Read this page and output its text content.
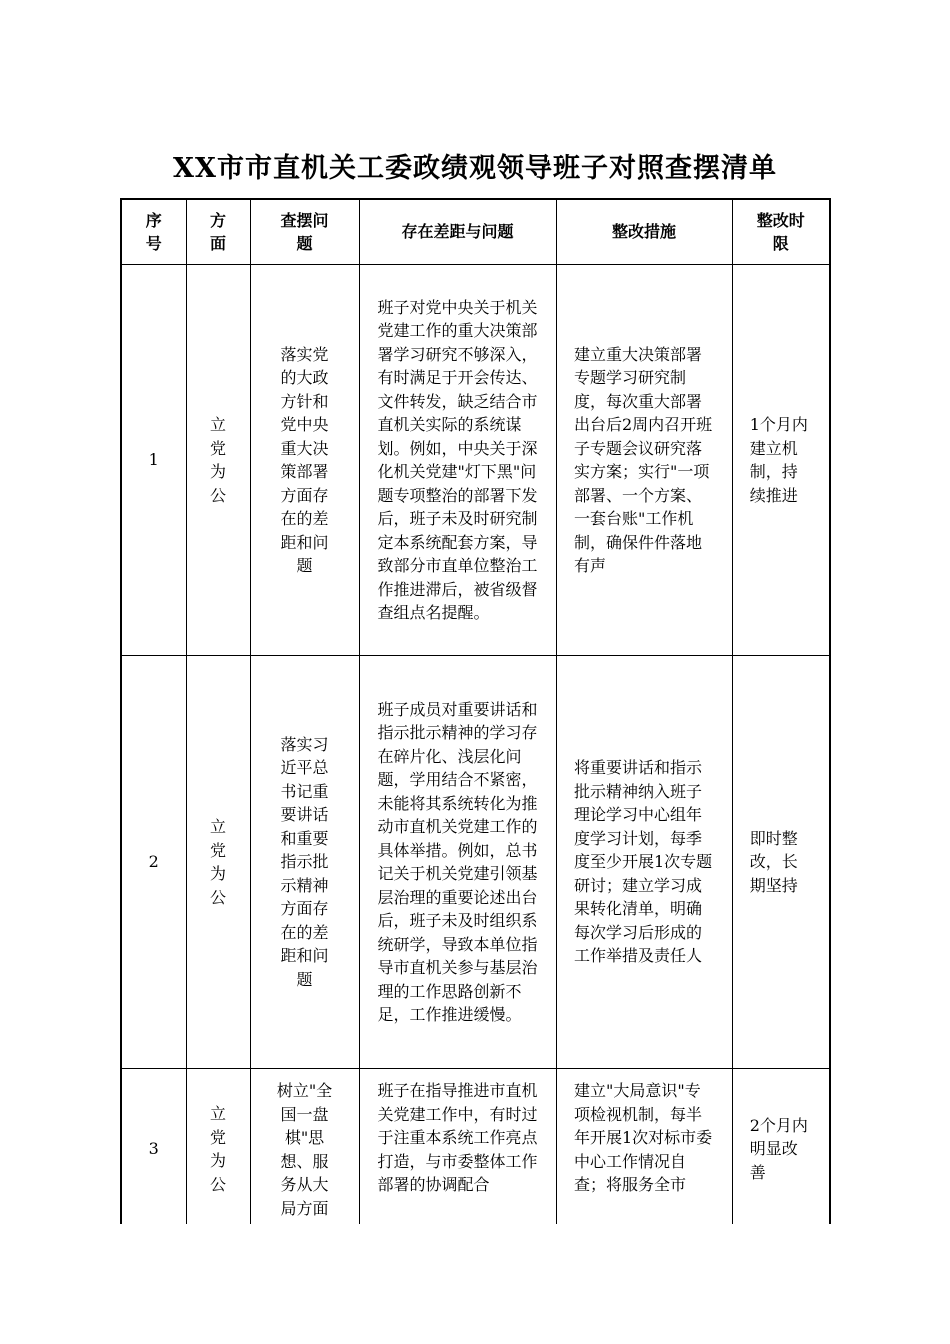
XX市市直机关工委政绩观领导班子对照查摆清单
序号	方面	查摆问题	存在差距与问题	整改措施	整改时限

1	立党为公	落实党的大政方针和党中央重大决策部署方面存在的差距和问题	班子对党中央关于机关党建工作的重大决策部署学习研究不够深入，有时满足于开会传达、文件转发，缺乏结合市直机关实际的系统谋划。例如，中央关于深化机关党建"灯下黑"问题专项整治的部署下发后，班子未及时研究制定本系统配套方案，导致部分市直单位整治工作推进滞后，被省级督查组点名提醒。	建立重大决策部署专题学习研究制度，每次重大部署出台后2周内召开班子专题会议研究落实方案；实行"一项部署、一个方案、一套台账"工作机制，确保件件落地有声	1个月内建立机制，持续推进

2	立党为公	落实习近平总书记重要讲话和重要指示批示精神方面存在的差距和问题	班子成员对重要讲话和指示批示精神的学习存在碎片化、浅层化问题，学用结合不紧密，未能将其系统转化为推动市直机关党建工作的具体举措。例如，总书记关于机关党建引领基层治理的重要论述出台后，班子未及时组织系统研学，导致本单位指导市直机关参与基层治理的工作思路创新不足，工作推进缓慢。	将重要讲话和指示批示精神纳入班子理论学习中心组年度学习计划，每季度至少开展1次专题研讨；建立学习成果转化清单，明确每次学习后形成的工作举措及责任人	即时整改，长期坚持

3	立党为公	树立"全国一盘棋"思想、服务从大局方面	班子在指导推进市直机关党建工作中，有时过于注重本系统工作亮点打造，与市委整体工作部署的协调配合	建立"大局意识"专项检视机制，每半年开展1次对标市委中心工作情况自查；将服务全市	2个月内明显改善
